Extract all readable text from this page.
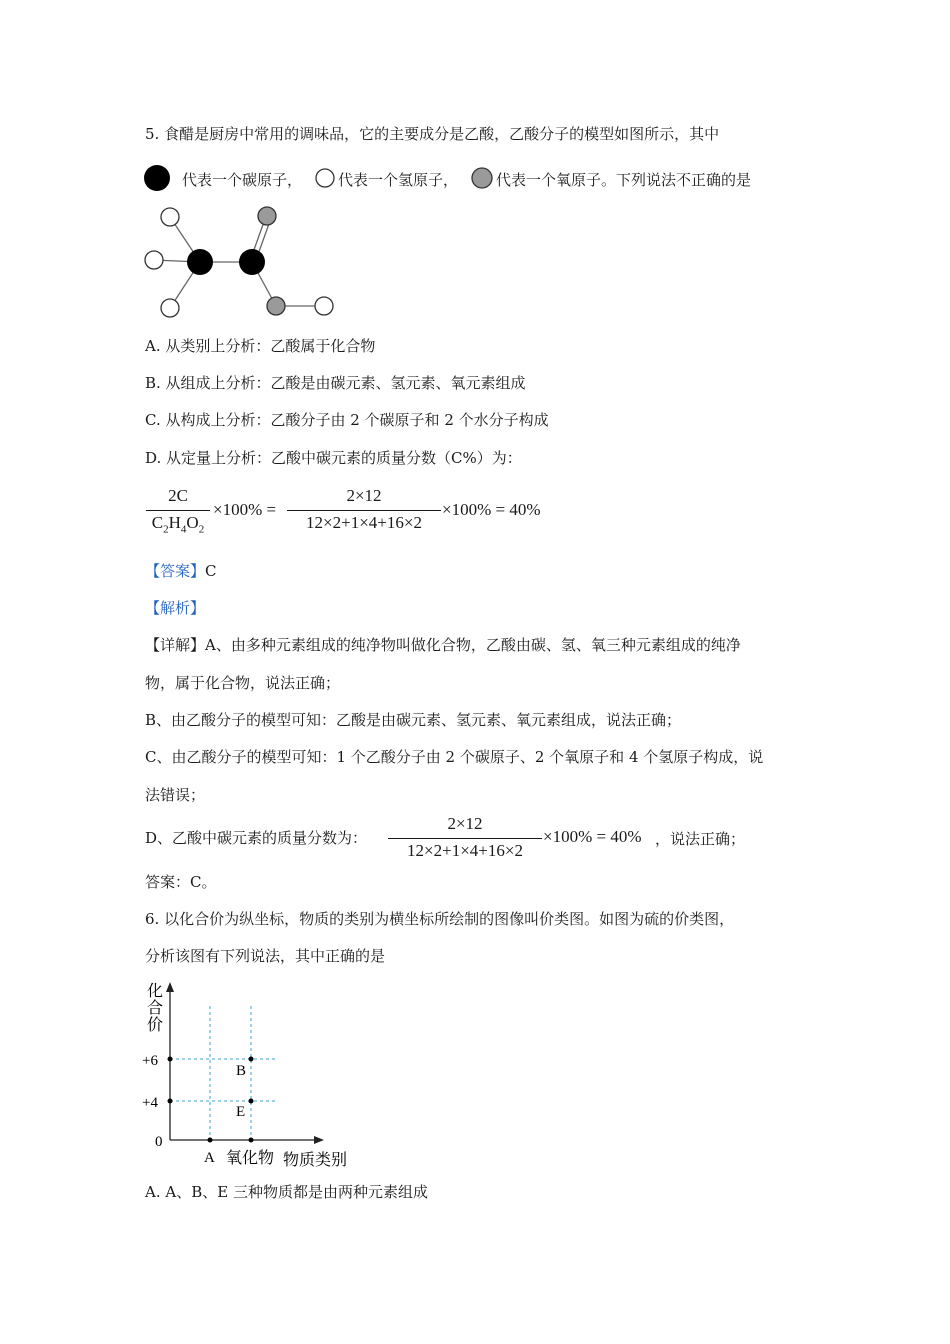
5. 食醋是厨房中常用的调味品，它的主要成分是乙酸，乙酸分子的模型如图所示，其中
代表一个碳原子， 代表一个氢原子，	代表一个氧原子。下列说法不正确的是
A. 从类别上分析：乙酸属于化合物
B. 从组成上分析：乙酸是由碳元素、氢元素、氧元素组成
C. 从构成上分析：乙酸分子由 2 个碳原子和 2 个水分子构成
D. 从定量上分析：乙酸中碳元素的质量分数（C%）为：
2C
$C_2H_4O_2$
×100% =
2×12
12×2+1×4+16×2
×100% = 40%
【答案】C
【解析】
【详解】A、由多种元素组成的纯净物叫做化合物，乙酸由碳、氢、氧三种元素组成的纯净
物，属于化合物，说法正确；
B、由乙酸分子的模型可知：乙酸是由碳元素、氢元素、氧元素组成，说法正确；
C、由乙酸分子的模型可知：1 个乙酸分子由 2 个碳原子、2 个氧原子和 4 个氢原子构成，说
法错误；
D、乙酸中碳元素的质量分数为：
2×12
12×2+1×4+16×2
×100% = 40% ，说法正确；
答案：C。
6. 以化合价为纵坐标，物质的类别为横坐标所绘制的图像叫价类图。如图为硫的价类图，
分析该图有下列说法，其中正确的是
化
合
价
+6
+4
0
B
E
A 氧化物 物质类别
A. A、B、E 三种物质都是由两种元素组成
